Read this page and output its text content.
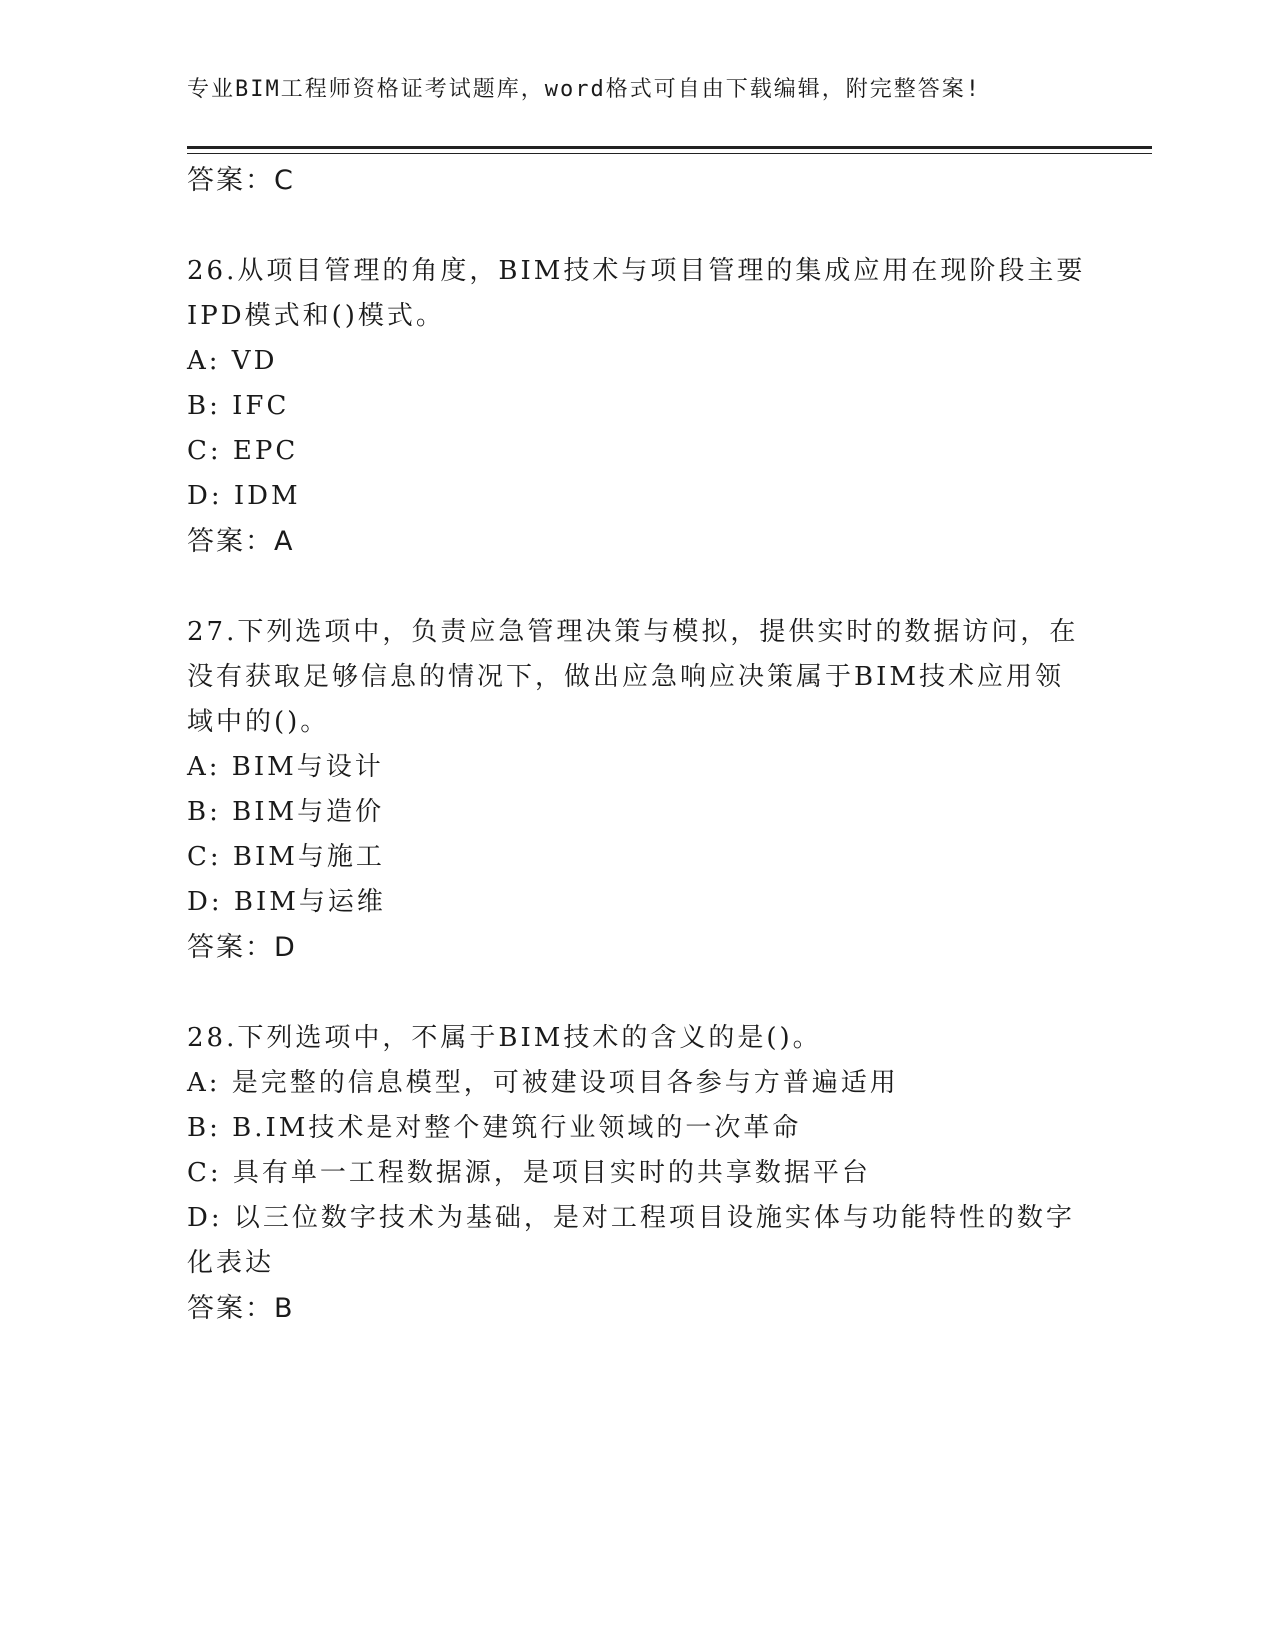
专业BIM工程师资格证考试题库，word格式可自由下载编辑，附完整答案!
答案：C
26.从项目管理的角度，BIM技术与项目管理的集成应用在现阶段主要
IPD模式和()模式。
A: VD
B: IFC
C: EPC
D: IDM
答案：A
27.下列选项中，负责应急管理决策与模拟，提供实时的数据访问，在
没有获取足够信息的情况下，做出应急响应决策属于BIM技术应用领
域中的()。
A: BIM与设计
B: BIM与造价
C: BIM与施工
D: BIM与运维
答案：D
28.下列选项中，不属于BIM技术的含义的是()。
A: 是完整的信息模型，可被建设项目各参与方普遍适用
B: B.IM技术是对整个建筑行业领域的一次革命
C: 具有单一工程数据源，是项目实时的共享数据平台
D: 以三位数字技术为基础，是对工程项目设施实体与功能特性的数字
化表达
答案：B
